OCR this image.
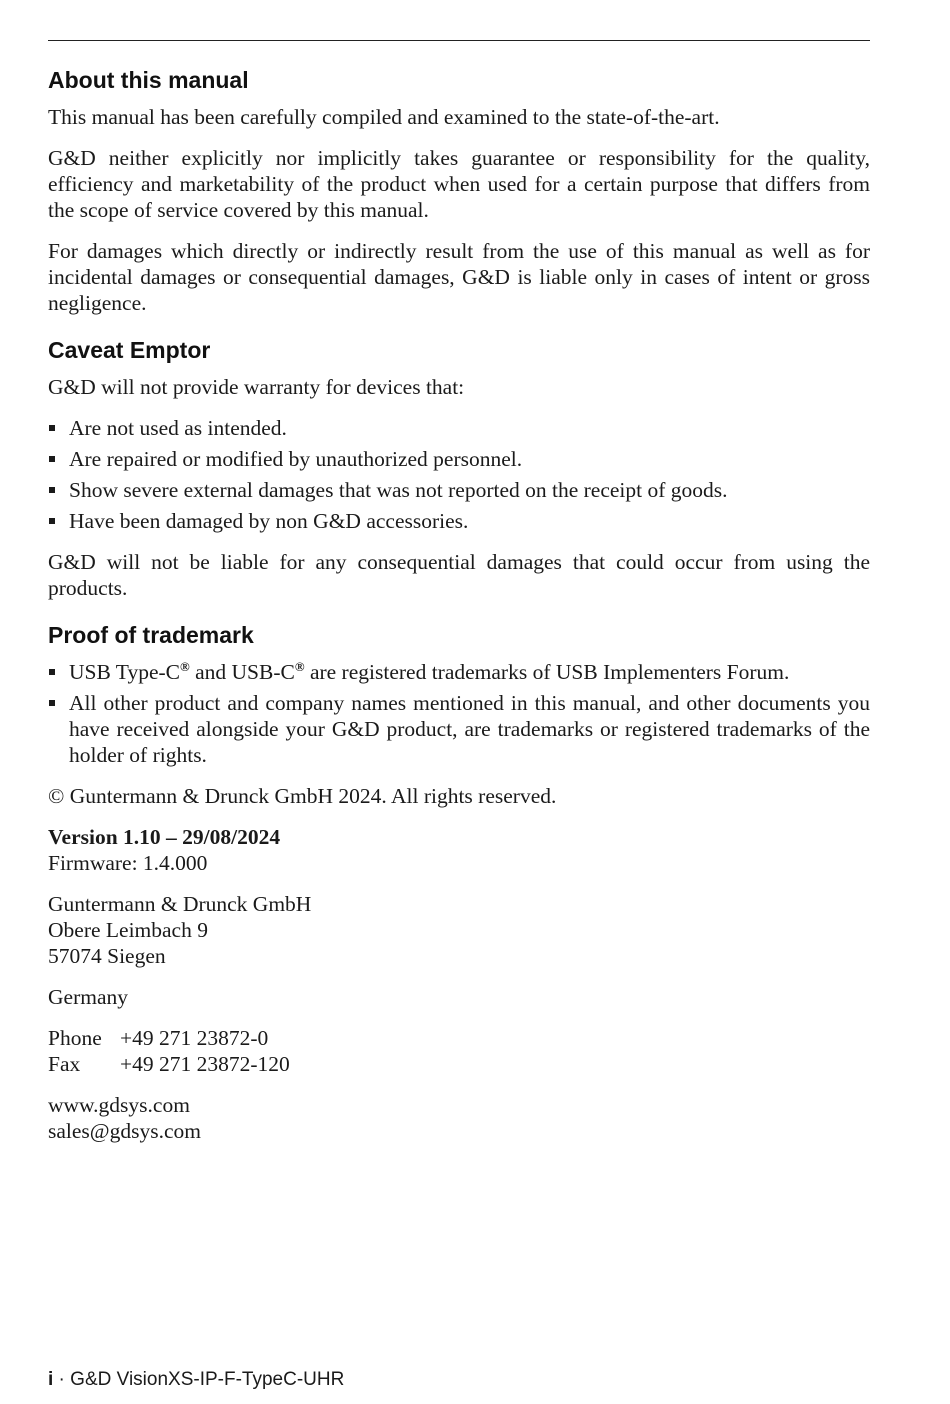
About this manual

This manual has been carefully compiled and examined to the state-of-the-art.

G&D neither explicitly nor implicitly takes guarantee or responsibility for the quality, efficiency and marketability of the product when used for a certain purpose that differs from the scope of service covered by this manual.

For damages which directly or indirectly result from the use of this manual as well as for incidental damages or consequential damages, G&D is liable only in cases of intent or gross negligence.

Caveat Emptor

G&D will not provide warranty for devices that:

Are not used as intended.
Are repaired or modified by unauthorized personnel.
Show severe external damages that was not reported on the receipt of goods.
Have been damaged by non G&D accessories.

G&D will not be liable for any consequential damages that could occur from using the products.

Proof of trademark
USB Type-C® and USB-C® are registered trademarks of USB Implementers Forum.
All other product and company names mentioned in this manual, and other documents you have received alongside your G&D product, are trademarks or registered trademarks of the holder of rights.

© Guntermann & Drunck GmbH 2024. All rights reserved.

Version 1.10 – 29/08/2024
Firmware: 1.4.000
Guntermann & Drunck GmbH
Obere Leimbach 9
57074 Siegen
Germany
Phone +49 271 23872-0
Fax +49 271 23872-120
www.gdsys.com
sales@gdsys.com
i · G&D VisionXS-IP-F-TypeC-UHR
